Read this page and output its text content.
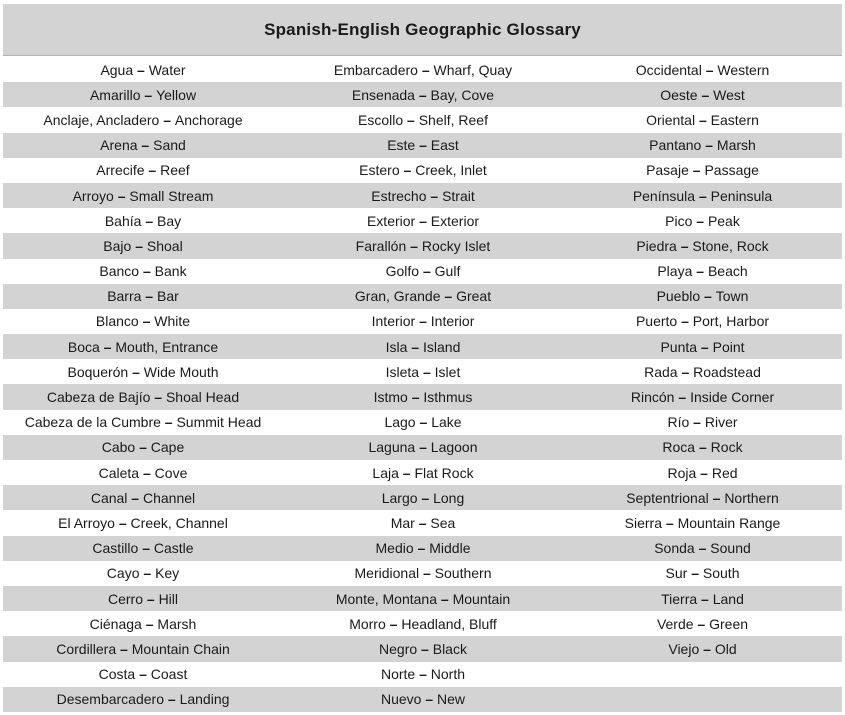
Spanish-English Geographic Glossary
Agua – Water	Embarcadero – Wharf, Quay	Occidental – Western
Amarillo – Yellow	Ensenada – Bay, Cove	Oeste – West
Anclaje, Ancladero – Anchorage	Escollo – Shelf, Reef	Oriental – Eastern
Arena – Sand	Este – East	Pantano – Marsh
Arrecife – Reef	Estero – Creek, Inlet	Pasaje – Passage
Arroyo – Small Stream	Estrecho – Strait	Península – Peninsula
Bahía – Bay	Exterior – Exterior	Pico – Peak
Bajo – Shoal	Farallón – Rocky Islet	Piedra – Stone, Rock
Banco – Bank	Golfo – Gulf	Playa – Beach
Barra – Bar	Gran, Grande – Great	Pueblo – Town
Blanco – White	Interior – Interior	Puerto – Port, Harbor
Boca – Mouth, Entrance	Isla – Island	Punta – Point
Boquerón – Wide Mouth	Isleta – Islet	Rada – Roadstead
Cabeza de Bajío – Shoal Head	Istmo – Isthmus	Rincón – Inside Corner
Cabeza de la Cumbre – Summit Head	Lago – Lake	Río – River
Cabo – Cape	Laguna – Lagoon	Roca – Rock
Caleta – Cove	Laja – Flat Rock	Roja – Red
Canal – Channel	Largo – Long	Septentrional – Northern
El Arroyo – Creek, Channel	Mar – Sea	Sierra – Mountain Range
Castillo – Castle	Medio – Middle	Sonda – Sound
Cayo – Key	Meridional – Southern	Sur – South
Cerro – Hill	Monte, Montana – Mountain	Tierra – Land
Ciénaga – Marsh	Morro – Headland, Bluff	Verde – Green
Cordillera – Mountain Chain	Negro – Black	Viejo – Old
Costa – Coast	Norte – North
Desembarcadero – Landing	Nuevo – New
